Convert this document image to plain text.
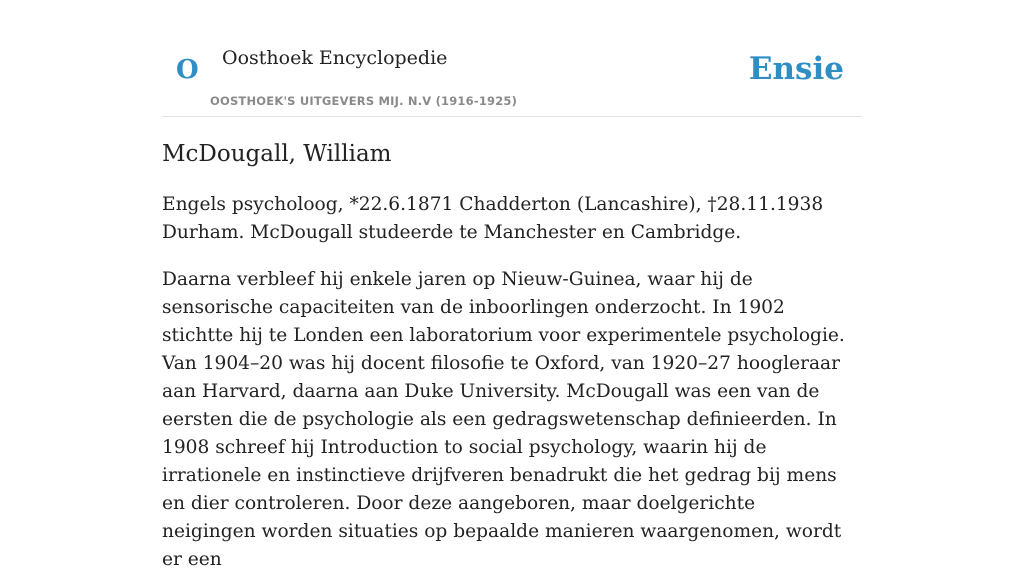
O Oosthoek Encyclopedie
OOSTHOEK'S UITGEVERS MIJ. N.V (1916-1925)
Ensie
McDougall, William

Engels psycholoog, *22.6.1871 Chadderton (Lancashire), †28.11.1938 Durham. McDougall studeerde te Manchester en Cambridge.

Daarna verbleef hij enkele jaren op Nieuw-Guinea, waar hij de sensorische capaciteiten van de inboorlingen onderzocht. In 1902 stichtte hij te Londen een laboratorium voor experimentele psychologie. Van 1904–20 was hij docent filosofie te Oxford, van 1920–27 hoogleraar aan Harvard, daarna aan Duke University. McDougall was een van de eersten die de psychologie als een gedragswetenschap definieerden. In 1908 schreef hij Introduction to social psychology, waarin hij de irrationele en instinctieve drijfveren benadrukt die het gedrag bij mens en dier controleren. Door deze aangeboren, maar doelgerichte neigingen worden situaties op bepaalde manieren waargenomen, wordt er een
